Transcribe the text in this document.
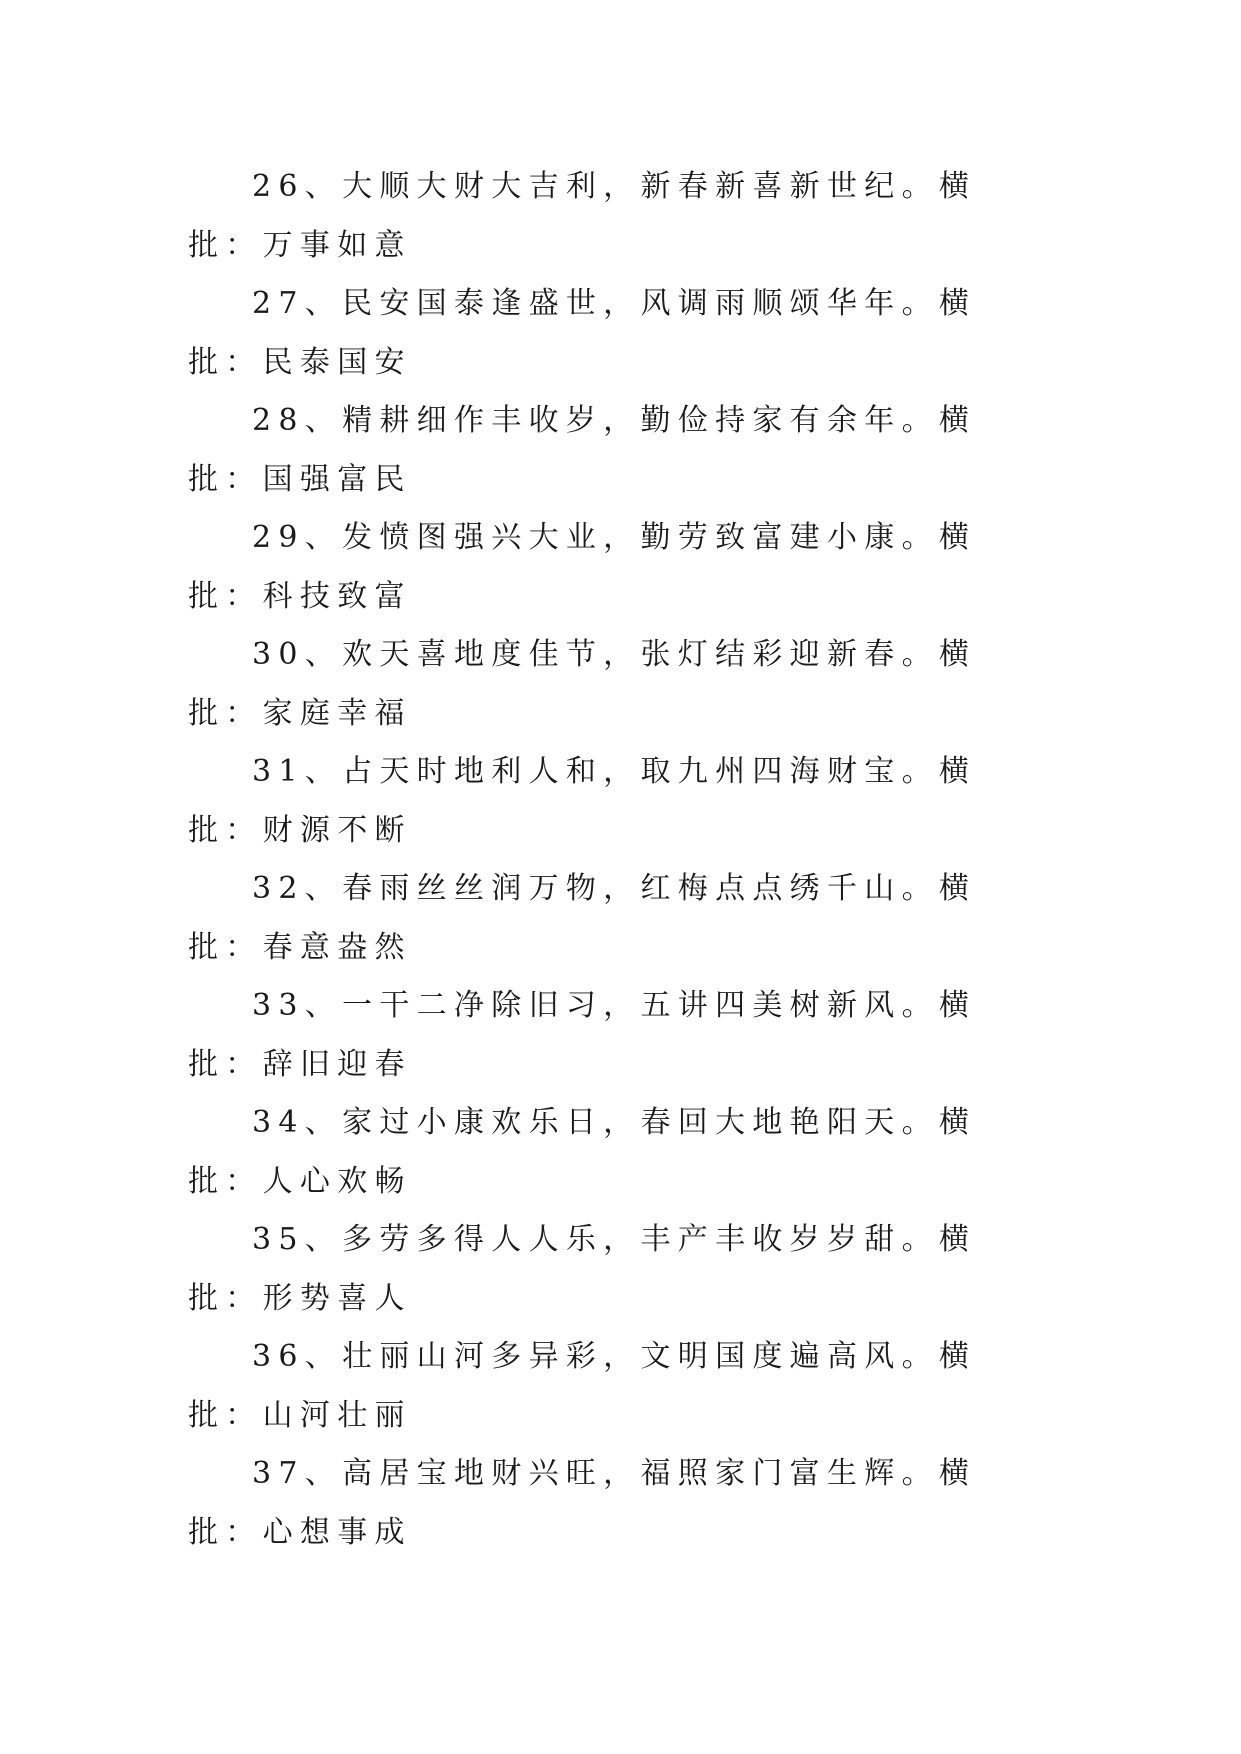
26、大顺大财大吉利，新春新喜新世纪。横批：万事如意

27、民安国泰逢盛世，风调雨顺颂华年。横批：民泰国安

28、精耕细作丰收岁，勤俭持家有余年。横批：国强富民

29、发愤图强兴大业，勤劳致富建小康。横批：科技致富

30、欢天喜地度佳节，张灯结彩迎新春。横批：家庭幸福

31、占天时地利人和，取九州四海财宝。横批：财源不断

32、春雨丝丝润万物，红梅点点绣千山。横批：春意盎然

33、一干二净除旧习，五讲四美树新风。横批：辞旧迎春

34、家过小康欢乐日，春回大地艳阳天。横批：人心欢畅

35、多劳多得人人乐，丰产丰收岁岁甜。横批：形势喜人

36、壮丽山河多异彩，文明国度遍高风。横批：山河壮丽

37、高居宝地财兴旺，福照家门富生辉。横批：心想事成
